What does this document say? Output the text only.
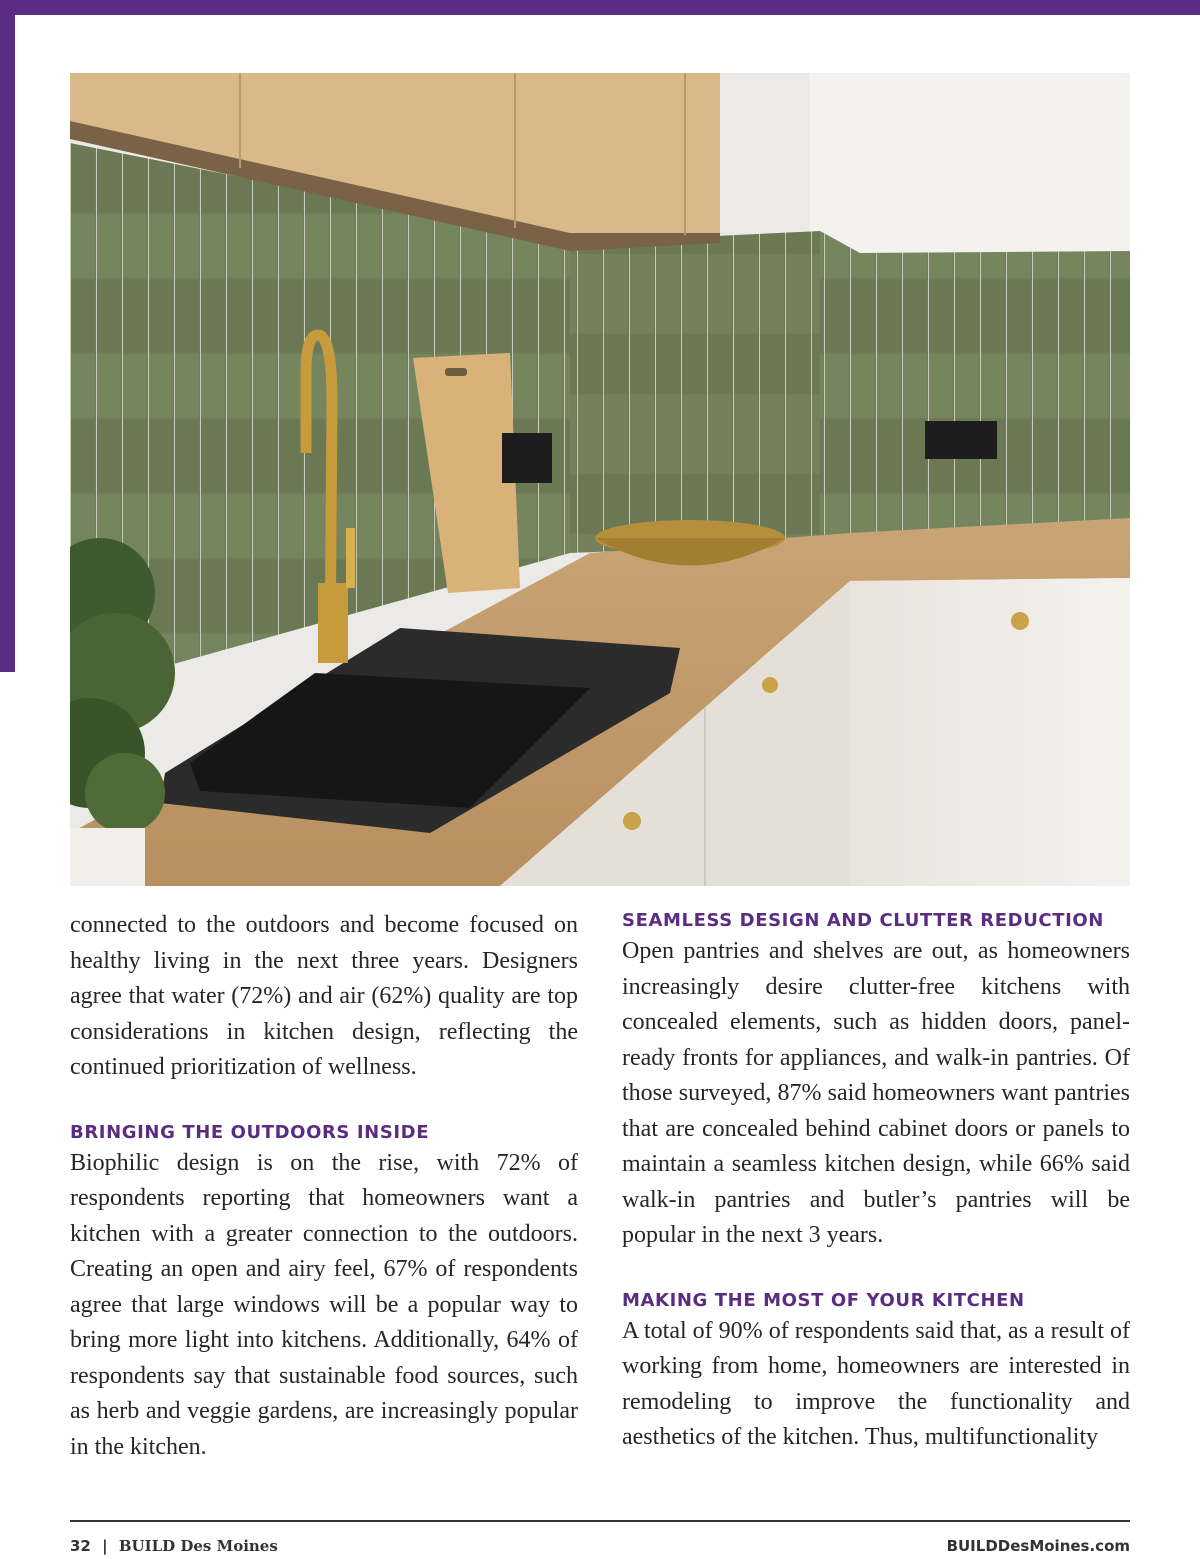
connected to the outdoors and become focused on healthy living in the next three years. Designers agree that water (72%) and air (62%) quality are top considerations in kitchen design, reflecting the continued prioritization of wellness.

BRINGING THE OUTDOORS INSIDE

Biophilic design is on the rise, with 72% of respondents reporting that homeowners want a kitchen with a greater connection to the outdoors. Creating an open and airy feel, 67% of respondents agree that large windows will be a popular way to bring more light into kitchens. Additionally, 64% of respondents say that sustainable food sources, such as herb and veggie gardens, are increasingly popular in the kitchen.

SEAMLESS DESIGN AND CLUTTER REDUCTION

Open pantries and shelves are out, as homeowners increasingly desire clutter-free kitchens with concealed elements, such as hidden doors, panel-ready fronts for appliances, and walk-in pantries. Of those surveyed, 87% said homeowners want pantries that are concealed behind cabinet doors or panels to maintain a seamless kitchen design, while 66% said walk-in pantries and butler’s pantries will be popular in the next 3 years.

MAKING THE MOST OF YOUR KITCHEN

A total of 90% of respondents said that, as a result of working from home, homeowners are interested in remodeling to improve the functionality and aesthetics of the kitchen. Thus, multifunctionality

32 | BUILD Des Moines	BUILDDesMoines.com
